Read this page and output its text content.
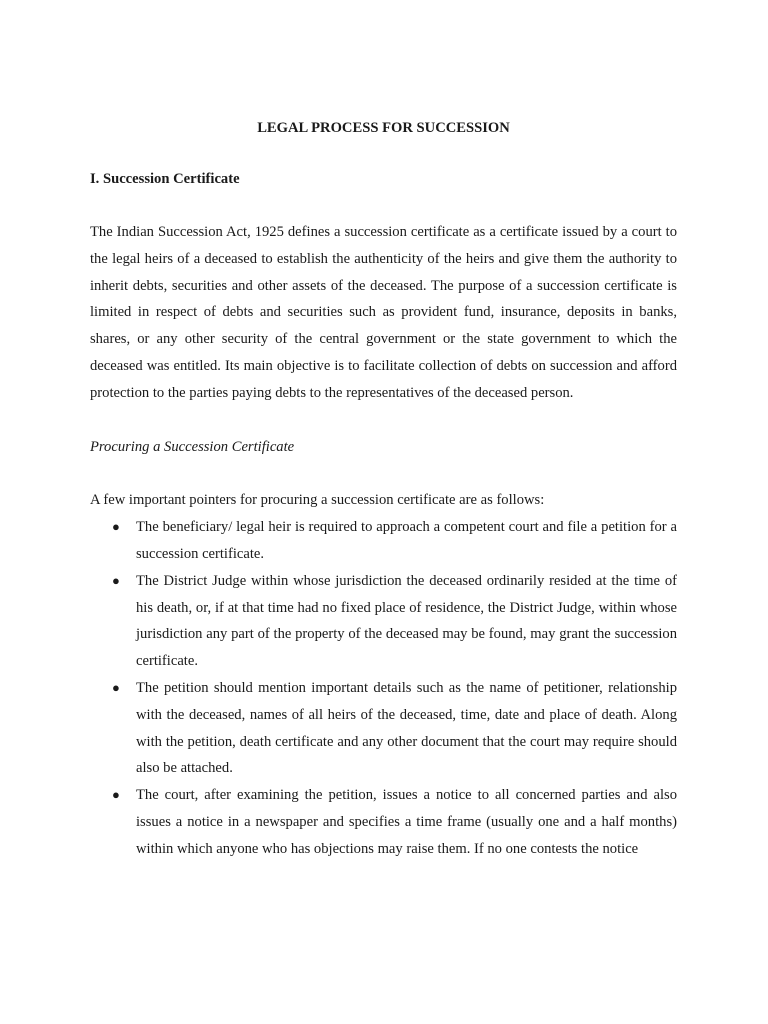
LEGAL PROCESS FOR SUCCESSION
I. Succession Certificate

The Indian Succession Act, 1925 defines a succession certificate as a certificate issued by a court to the legal heirs of a deceased to establish the authenticity of the heirs and give them the authority to inherit debts, securities and other assets of the deceased. The purpose of a succession certificate is limited in respect of debts and securities such as provident fund, insurance, deposits in banks, shares, or any other security of the central government or the state government to which the deceased was entitled. Its main objective is to facilitate collection of debts on succession and afford protection to the parties paying debts to the representatives of the deceased person.

Procuring a Succession Certificate
A few important pointers for procuring a succession certificate are as follows:
● The beneficiary/ legal heir is required to approach a competent court and file a petition for a succession certificate.
● The District Judge within whose jurisdiction the deceased ordinarily resided at the time of his death, or, if at that time had no fixed place of residence, the District Judge, within whose jurisdiction any part of the property of the deceased may be found, may grant the succession certificate.
● The petition should mention important details such as the name of petitioner, relationship with the deceased, names of all heirs of the deceased, time, date and place of death. Along with the petition, death certificate and any other document that the court may require should also be attached.
● The court, after examining the petition, issues a notice to all concerned parties and also issues a notice in a newspaper and specifies a time frame (usually one and a half months) within which anyone who has objections may raise them. If no one contests the notice
